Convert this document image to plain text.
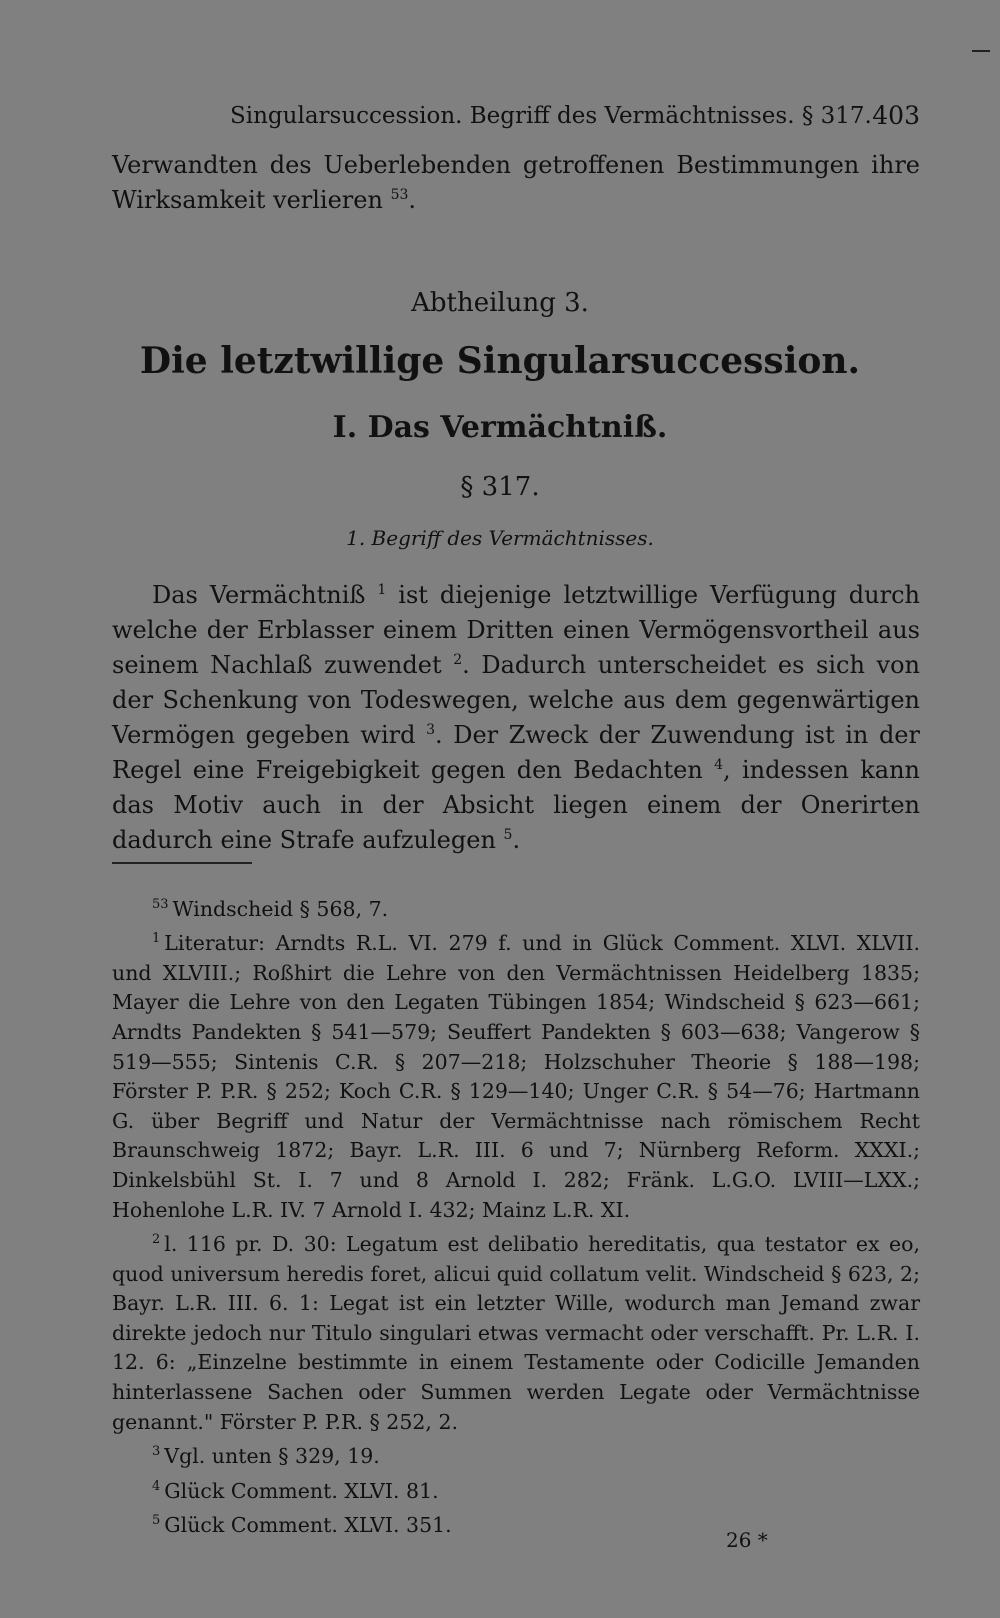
Singularsuccession. Begriff des Vermächtnisses. § 317. 403
Verwandten des Ueberlebenden getroffenen Bestimmungen ihre Wirksamkeit verlieren $^{53}$.
Abtheilung 3.
Die letztwillige Singularsuccession.
I. Das Vermächtniß.
§ 317.
1. Begriff des Vermächtnisses.
Das Vermächtniß $^1$ ist diejenige letztwillige Verfügung durch welche der Erblasser einem Dritten einen Vermögensvortheil aus seinem Nachlaß zuwendet $^2$. Dadurch unterscheidet es sich von der Schenkung von Todeswegen, welche aus dem gegenwärtigen Vermögen gegeben wird $^3$. Der Zweck der Zuwendung ist in der Regel eine Freigebigkeit gegen den Bedachten $^4$, indessen kann das Motiv auch in der Absicht liegen einem der Onerirten dadurch eine Strafe aufzulegen $^5$.

$^{53}$ Windscheid § 568, 7.

$^1$ Literatur: Arndts R.L. VI. 279 f. und in Glück Comment. XLVI. XLVII. und XLVIII.; Roßhirt die Lehre von den Vermächtnissen Heidelberg 1835; Mayer die Lehre von den Legaten Tübingen 1854; Windscheid § 623—661; Arndts Pandekten § 541—579; Seuffert Pandekten § 603—638; Vangerow § 519—555; Sintenis C.R. § 207—218; Holzschuher Theorie § 188—198; Förster P. P.R. § 252; Koch C.R. § 129—140; Unger C.R. § 54—76; Hartmann G. über Begriff und Natur der Vermächtnisse nach römischem Recht Braunschweig 1872; Bayr. L.R. III. 6 und 7; Nürnberg Reform. XXXI.; Dinkelsbühl St. I. 7 und 8 Arnold I. 282; Fränk. L.G.O. LVIII—LXX.; Hohenlohe L.R. IV. 7 Arnold I. 432; Mainz L.R. XI.

$^2$ l. 116 pr. D. 30: Legatum est delibatio hereditatis, qua testator ex eo, quod universum heredis foret, alicui quid collatum velit. Windscheid § 623, 2; Bayr. L.R. III. 6. 1: Legat ist ein letzter Wille, wodurch man Jemand zwar direkte jedoch nur Titulo singulari etwas vermacht oder verschafft. Pr. L.R. I. 12. 6: „Einzelne bestimmte in einem Testamente oder Codicille Jemanden hinterlassene Sachen oder Summen werden Legate oder Vermächtnisse genannt." Förster P. P.R. § 252, 2.

$^3$ Vgl. unten § 329, 19.

$^4$ Glück Comment. XLVI. 81.

$^5$ Glück Comment. XLVI. 351.

26 *
